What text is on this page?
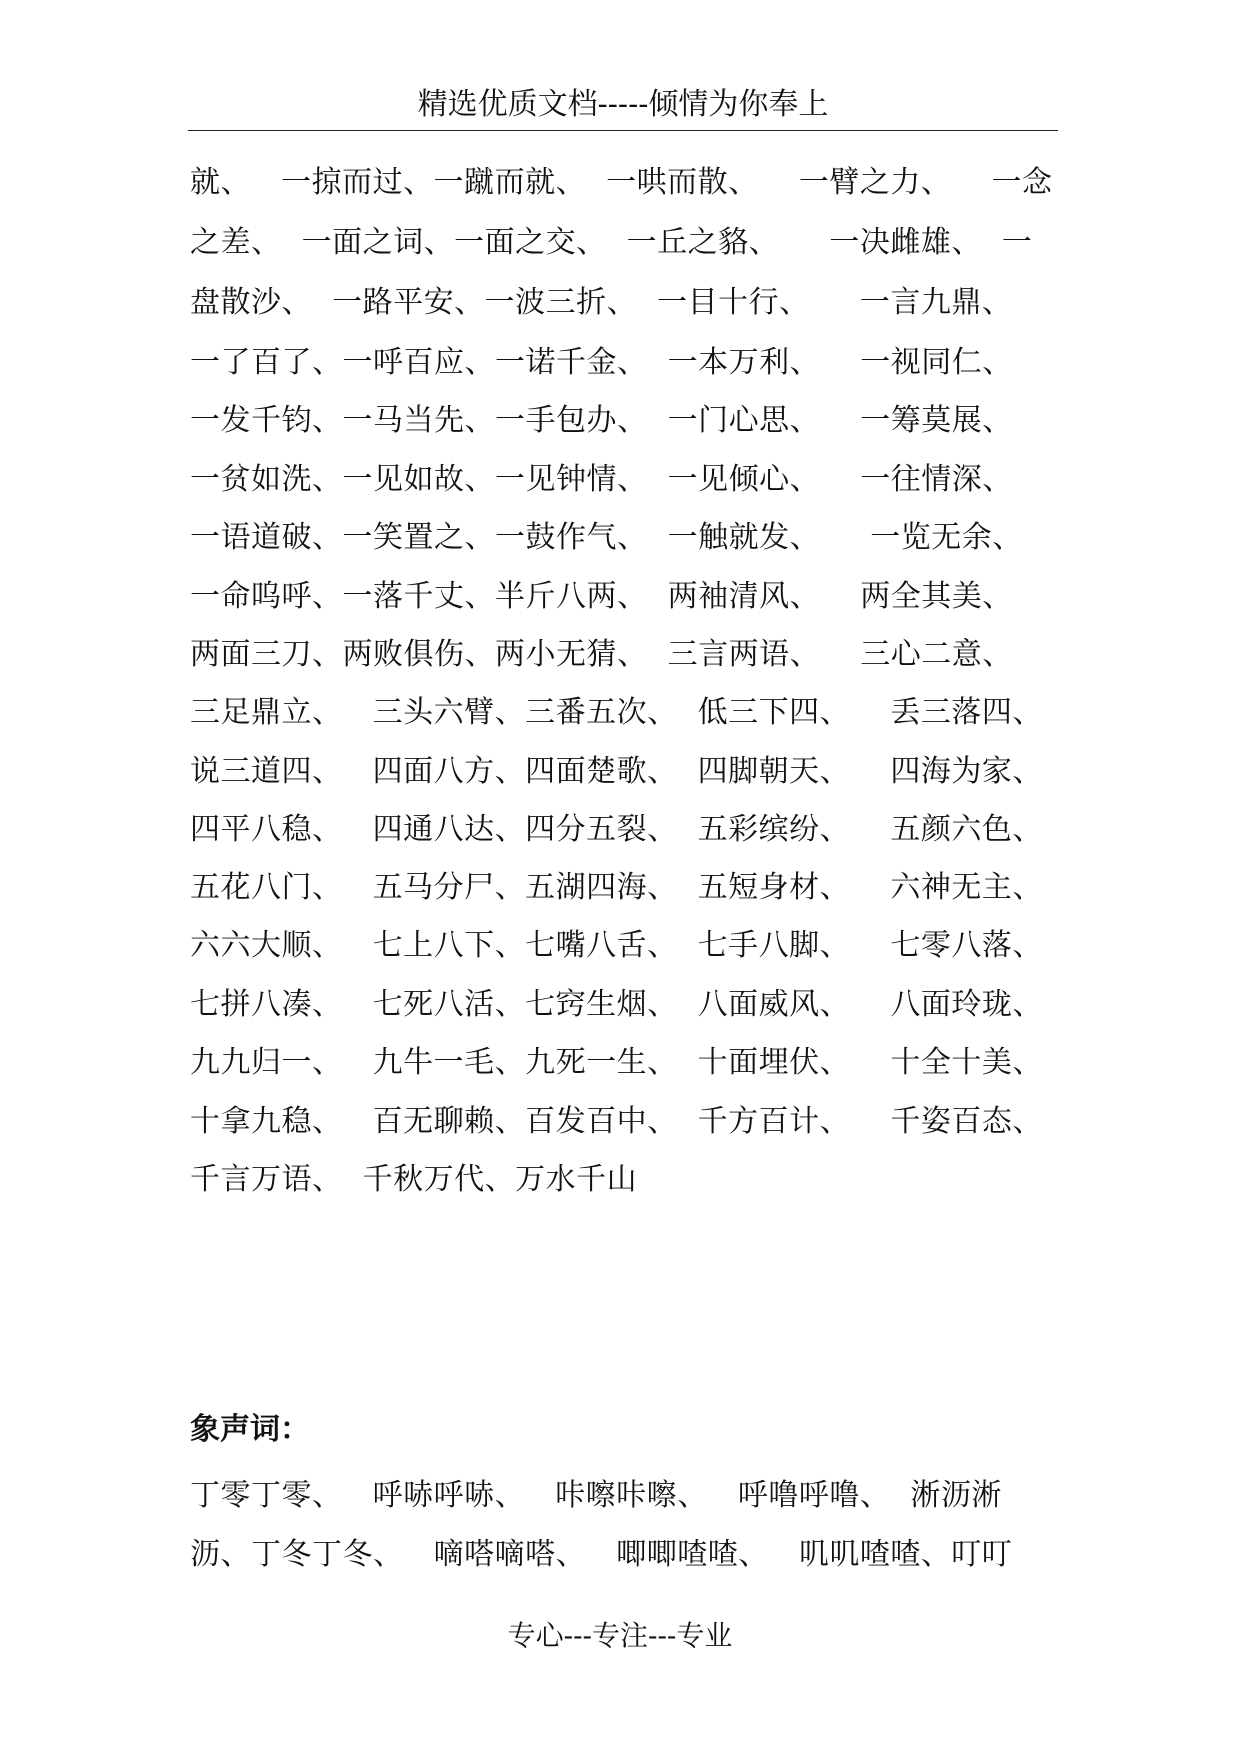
精选优质文档-----倾情为你奉上
就、   一掠而过、一蹴而就、  一哄而散、    一臂之力、    一念
之差、  一面之词、一面之交、  一丘之貉、     一决雌雄、  一
盘散沙、  一路平安、一波三折、  一目十行、     一言九鼎、
一了百了、一呼百应、一诺千金、  一本万利、    一视同仁、
一发千钧、一马当先、一手包办、  一门心思、    一筹莫展、
一贫如洗、一见如故、一见钟情、  一见倾心、    一往情深、
一语道破、一笑置之、一鼓作气、  一触就发、     一览无余、
一命呜呼、一落千丈、半斤八两、  两袖清风、    两全其美、
两面三刀、两败俱伤、两小无猜、  三言两语、    三心二意、
三足鼎立、   三头六臂、三番五次、  低三下四、    丢三落四、
说三道四、   四面八方、四面楚歌、  四脚朝天、    四海为家、
四平八稳、   四通八达、四分五裂、  五彩缤纷、    五颜六色、
五花八门、   五马分尸、五湖四海、  五短身材、    六神无主、
六六大顺、   七上八下、七嘴八舌、  七手八脚、    七零八落、
七拼八凑、   七死八活、七窍生烟、  八面威风、    八面玲珑、
九九归一、   九牛一毛、九死一生、  十面埋伏、    十全十美、
十拿九稳、   百无聊赖、百发百中、  千方百计、    千姿百态、
千言万语、  千秋万代、万水千山
象声词：
丁零丁零、   呼哧呼哧、   咔嚓咔嚓、   呼噜呼噜、  淅沥淅
沥、丁冬丁冬、   嘀嗒嘀嗒、   唧唧喳喳、   叽叽喳喳、叮叮
专心---专注---专业
